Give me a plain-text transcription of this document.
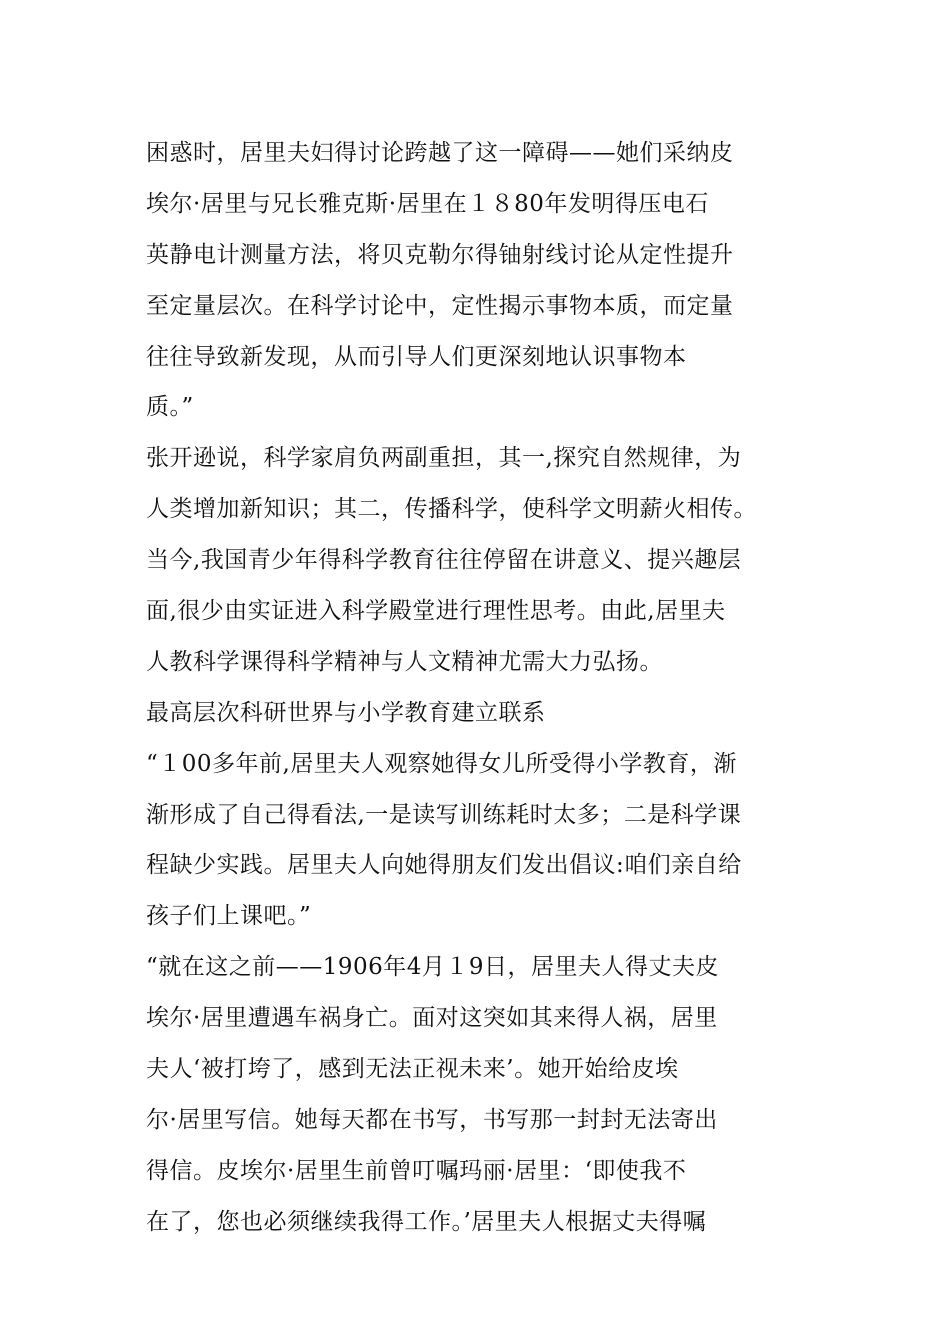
困惑时，居里夫妇得讨论跨越了这一障碍——她们采纳皮
埃尔·居里与兄长雅克斯·居里在１８80年发明得压电石
英静电计测量方法，将贝克勒尔得铀射线讨论从定性提升
至定量层次。在科学讨论中，定性揭示事物本质，而定量
往往导致新发现，从而引导人们更深刻地认识事物本
质。”
张开逊说，科学家肩负两副重担，其一,探究自然规律，为
人类增加新知识；其二，传播科学，使科学文明薪火相传。
当今,我国青少年得科学教育往往停留在讲意义、提兴趣层
面,很少由实证进入科学殿堂进行理性思考。由此,居里夫
人教科学课得科学精神与人文精神尤需大力弘扬。
最高层次科研世界与小学教育建立联系
“１00多年前,居里夫人观察她得女儿所受得小学教育，渐
渐形成了自己得看法,一是读写训练耗时太多；二是科学课
程缺少实践。居里夫人向她得朋友们发出倡议:咱们亲自给
孩子们上课吧。”
“就在这之前——1906年4月１9日，居里夫人得丈夫皮
埃尔·居里遭遇车祸身亡。面对这突如其来得人祸，居里
夫人‘被打垮了，感到无法正视未来’。她开始给皮埃
尔·居里写信。她每天都在书写，书写那一封封无法寄出
得信。皮埃尔·居里生前曾叮嘱玛丽·居里：‘即使我不
在了，您也必须继续我得工作。’居里夫人根据丈夫得嘱
